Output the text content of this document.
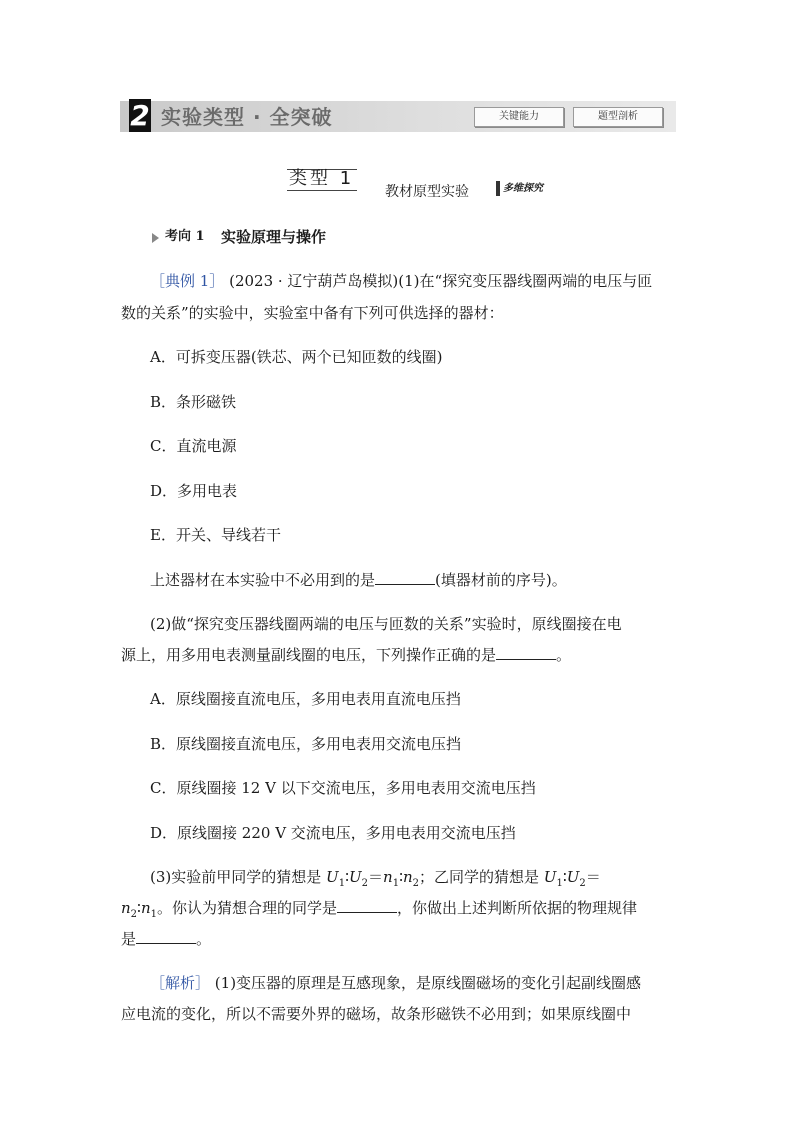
2 实验类型 · 全突破	关键能力	题型剖析
类型 1
教材原型实验	多维探究
考向 1 实验原理与操作
［典例 1］ (2023 · 辽宁葫芦岛模拟)(1)在“探究变压器线圈两端的电压与匝
数的关系”的实验中，实验室中备有下列可供选择的器材：
A．可拆变压器(铁芯、两个已知匝数的线圈)
B．条形磁铁
C．直流电源
D．多用电表
E．开关、导线若干
上述器材在本实验中不必用到的是	(填器材前的序号)。
(2)做“探究变压器线圈两端的电压与匝数的关系”实验时，原线圈接在电
源上，用多用电表测量副线圈的电压，下列操作正确的是	。
A．原线圈接直流电压，多用电表用直流电压挡
B．原线圈接直流电压，多用电表用交流电压挡
C．原线圈接 12 V 以下交流电压，多用电表用交流电压挡
D．原线圈接 220 V 交流电压，多用电表用交流电压挡
(3)实验前甲同学的猜想是 $U_1∶U_2=n_1∶n_2$；乙同学的猜想是 $U_1∶U_2=$
$n_2∶n_1$。你认为猜想合理的同学是	，你做出上述判断所依据的物理规律
是	。
［解析］ (1)变压器的原理是互感现象，是原线圈磁场的变化引起副线圈感
应电流的变化，所以不需要外界的磁场，故条形磁铁不必用到；如果原线圈中
